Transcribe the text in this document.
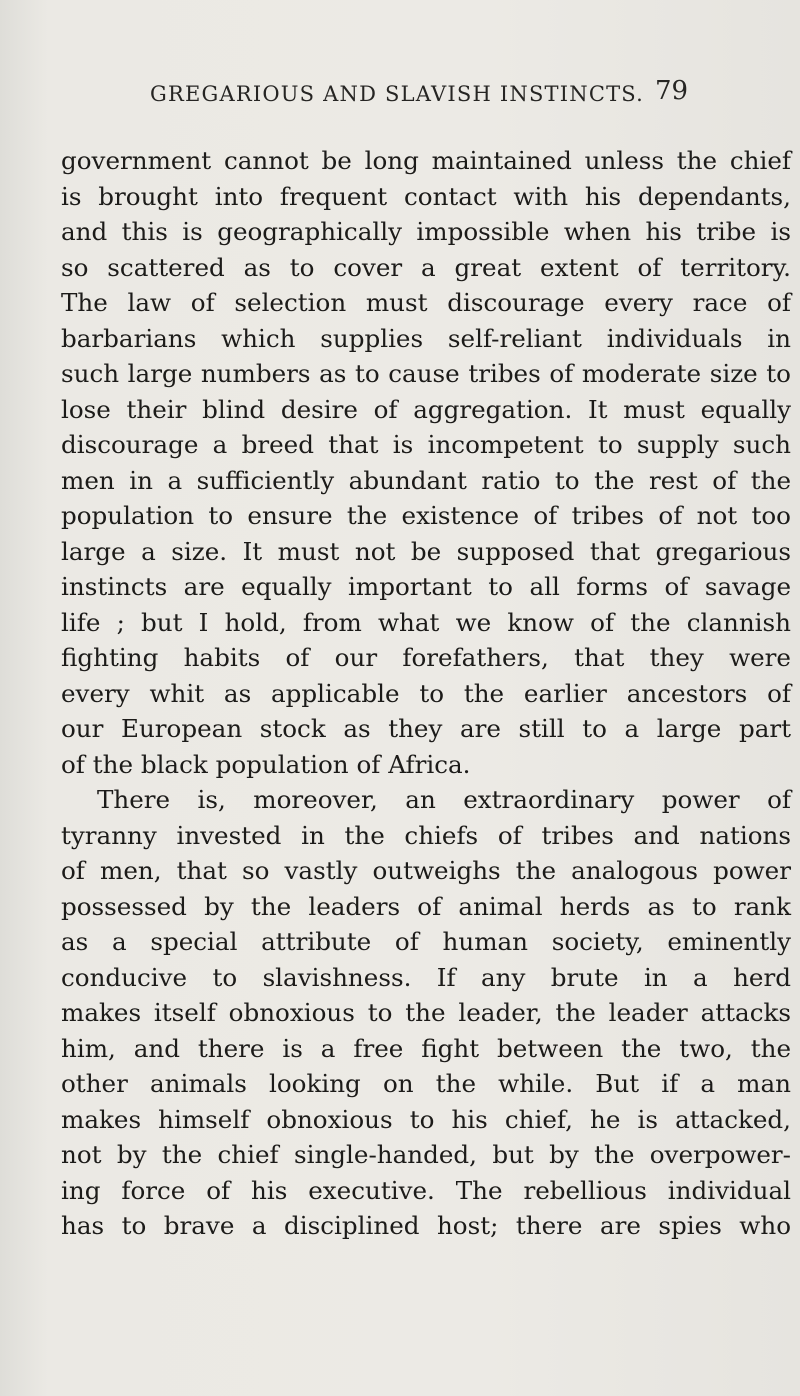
GREGARIOUS AND SLAVISH INSTINCTS. 79
government cannot be long maintained unless the chief
is brought into frequent contact with his dependants,
and this is geographically impossible when his tribe is
so scattered as to cover a great extent of territory.
The law of selection must discourage every race of
barbarians which supplies self-reliant individuals in
such large numbers as to cause tribes of moderate size to
lose their blind desire of aggregation. It must equally
discourage a breed that is incompetent to supply such
men in a sufficiently abundant ratio to the rest of the
population to ensure the existence of tribes of not too
large a size. It must not be supposed that gregarious
instincts are equally important to all forms of savage
life ; but I hold, from what we know of the clannish
fighting habits of our forefathers, that they were
every whit as applicable to the earlier ancestors of
our European stock as they are still to a large part
of the black population of Africa.
There is, moreover, an extraordinary power of
tyranny invested in the chiefs of tribes and nations
of men, that so vastly outweighs the analogous power
possessed by the leaders of animal herds as to rank
as a special attribute of human society, eminently
conducive to slavishness. If any brute in a herd
makes itself obnoxious to the leader, the leader attacks
him, and there is a free fight between the two, the
other animals looking on the while. But if a man
makes himself obnoxious to his chief, he is attacked,
not by the chief single-handed, but by the overpower-
ing force of his executive. The rebellious individual
has to brave a disciplined host; there are spies who
